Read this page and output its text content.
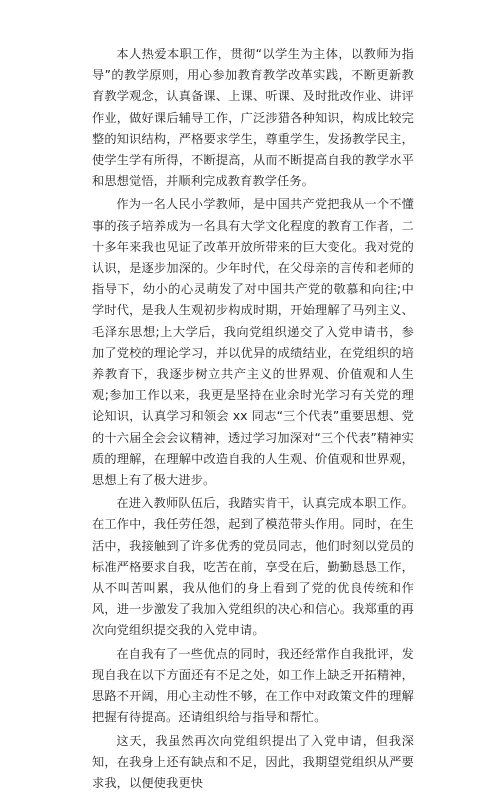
本人热爱本职工作，贯彻“以学生为主体，以教师为指导”的教学原则，用心参加教育教学改革实践，不断更新教育教学观念，认真备课、上课、听课、及时批改作业、讲评作业，做好课后辅导工作，广泛涉猎各种知识，构成比较完整的知识结构，严格要求学生，尊重学生，发扬教学民主，使学生学有所得，不断提高，从而不断提高自我的教学水平和思想觉悟，并顺利完成教育教学任务。

作为一名人民小学教师，是中国共产党把我从一个不懂事的孩子培养成为一名具有大学文化程度的教育工作者，二十多年来我也见证了改革开放所带来的巨大变化。我对党的认识，是逐步加深的。少年时代，在父母亲的言传和老师的指导下，幼小的心灵萌发了对中国共产党的敬慕和向往;中学时代，是我人生观初步构成时期，开始理解了马列主义、毛泽东思想;上大学后，我向党组织递交了入党申请书，参加了党校的理论学习，并以优异的成绩结业，在党组织的培养教育下，我逐步树立共产主义的世界观、价值观和人生观;参加工作以来，我更是坚持在业余时光学习有关党的理论知识，认真学习和领会 xx 同志“三个代表”重要思想、党的十六届全会会议精神，透过学习加深对“三个代表”精神实质的理解，在理解中改造自我的人生观、价值观和世界观，思想上有了极大进步。

在进入教师队伍后，我踏实肯干，认真完成本职工作。在工作中，我任劳任怨，起到了模范带头作用。同时，在生活中，我接触到了许多优秀的党员同志，他们时刻以党员的标准严格要求自我，吃苦在前，享受在后，勤勤恳恳工作，从不叫苦叫累，我从他们的身上看到了党的优良传统和作风，进一步激发了我加入党组织的决心和信心。我郑重的再次向党组织提交我的入党申请。

在自我有了一些优点的同时，我还经常作自我批评，发现自我在以下方面还有不足之处，如工作上缺乏开拓精神，思路不开阔，用心主动性不够，在工作中对政策文件的理解把握有待提高。还请组织给与指导和帮忙。

这天，我虽然再次向党组织提出了入党申请，但我深知，在我身上还有缺点和不足，因此，我期望党组织从严要求我，以便使我更快
